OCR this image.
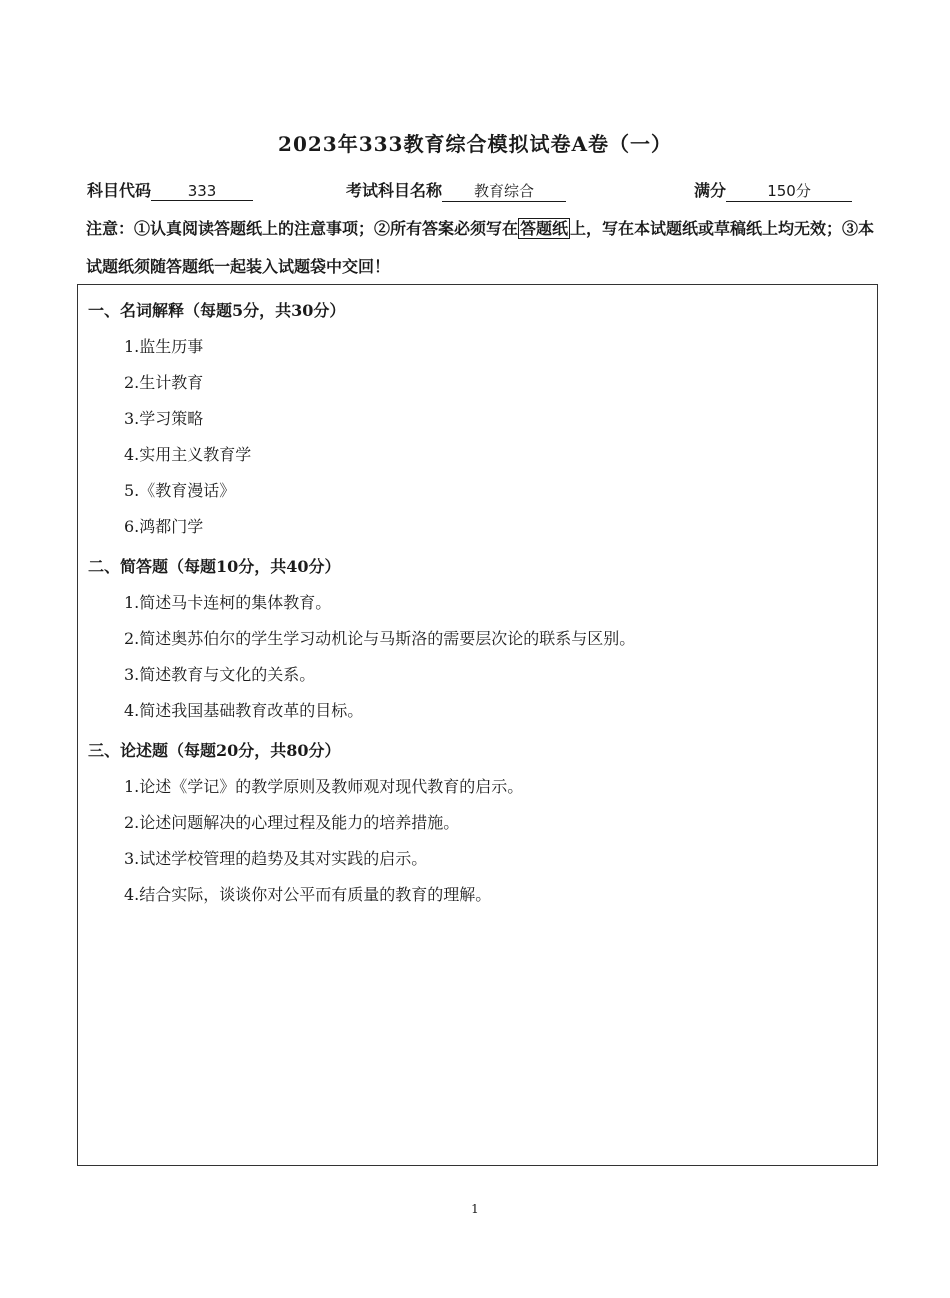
2023年333教育综合模拟试卷A卷（一）
科目代码 333	考试科目名称 教育综合	满分	150分
注意：①认真阅读答题纸上的注意事项；②所有答案必须写在 答题纸 上，写在本试题纸或草稿纸上均无效；③本试题纸须随答题纸一起装入试题袋中交回！
一、名词解释（每题5分，共30分）
1.监生历事
2.生计教育
3.学习策略
4.实用主义教育学
5.《教育漫话》
6.鸿都门学
二、简答题（每题10分，共40分）
1.简述马卡连柯的集体教育。
2.简述奥苏伯尔的学生学习动机论与马斯洛的需要层次论的联系与区别。
3.简述教育与文化的关系。
4.简述我国基础教育改革的目标。
三、论述题（每题20分，共80分）
1.论述《学记》的教学原则及教师观对现代教育的启示。
2.论述问题解决的心理过程及能力的培养措施。
3.试述学校管理的趋势及其对实践的启示。
4.结合实际，谈谈你对公平而有质量的教育的理解。
1
